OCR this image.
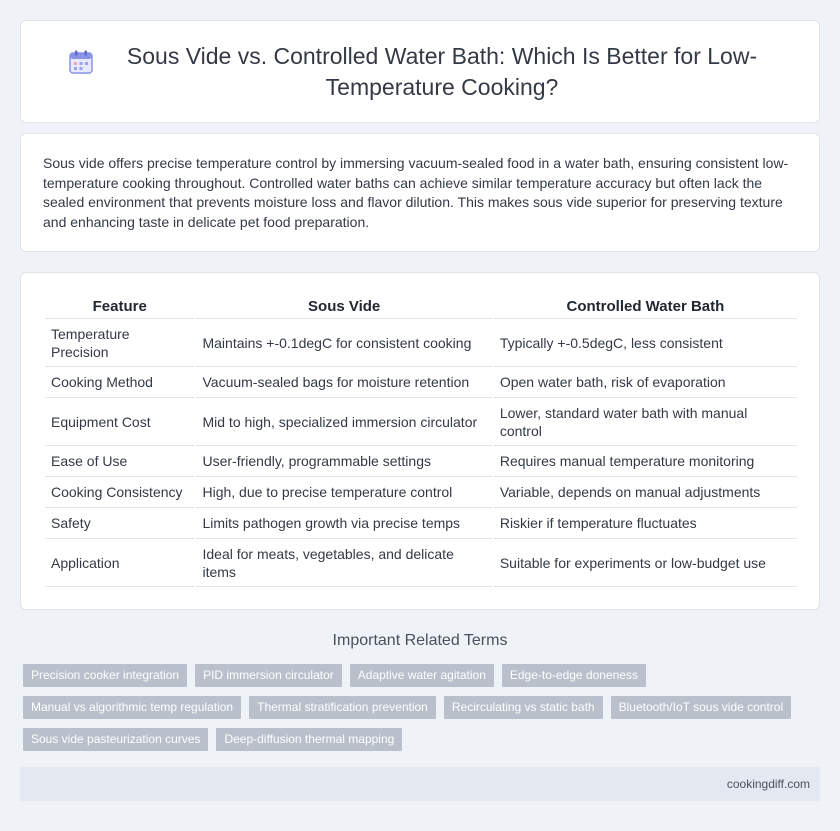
Sous Vide vs. Controlled Water Bath: Which Is Better for Low-Temperature Cooking?

Sous vide offers precise temperature control by immersing vacuum-sealed food in a water bath, ensuring consistent low-temperature cooking throughout. Controlled water baths can achieve similar temperature accuracy but often lack the sealed environment that prevents moisture loss and flavor dilution. This makes sous vide superior for preserving texture and enhancing taste in delicate pet food preparation.

Feature	Sous Vide	Controlled Water Bath
Temperature Precision	Maintains +-0.1degC for consistent cooking	Typically +-0.5degC, less consistent
Cooking Method	Vacuum-sealed bags for moisture retention	Open water bath, risk of evaporation
Equipment Cost	Mid to high, specialized immersion circulator	Lower, standard water bath with manual control
Ease of Use	User-friendly, programmable settings	Requires manual temperature monitoring
Cooking Consistency	High, due to precise temperature control	Variable, depends on manual adjustments
Safety	Limits pathogen growth via precise temps	Riskier if temperature fluctuates
Application	Ideal for meats, vegetables, and delicate items	Suitable for experiments or low-budget use
Important Related Terms
Precision cooker integration	PID immersion circulator	Adaptive water agitation	Edge-to-edge doneness
Manual vs algorithmic temp regulation	Thermal stratification prevention	Recirculating vs static bath	Bluetooth/IoT sous vide control
Sous vide pasteurization curves	Deep-diffusion thermal mapping
cookingdiff.com
